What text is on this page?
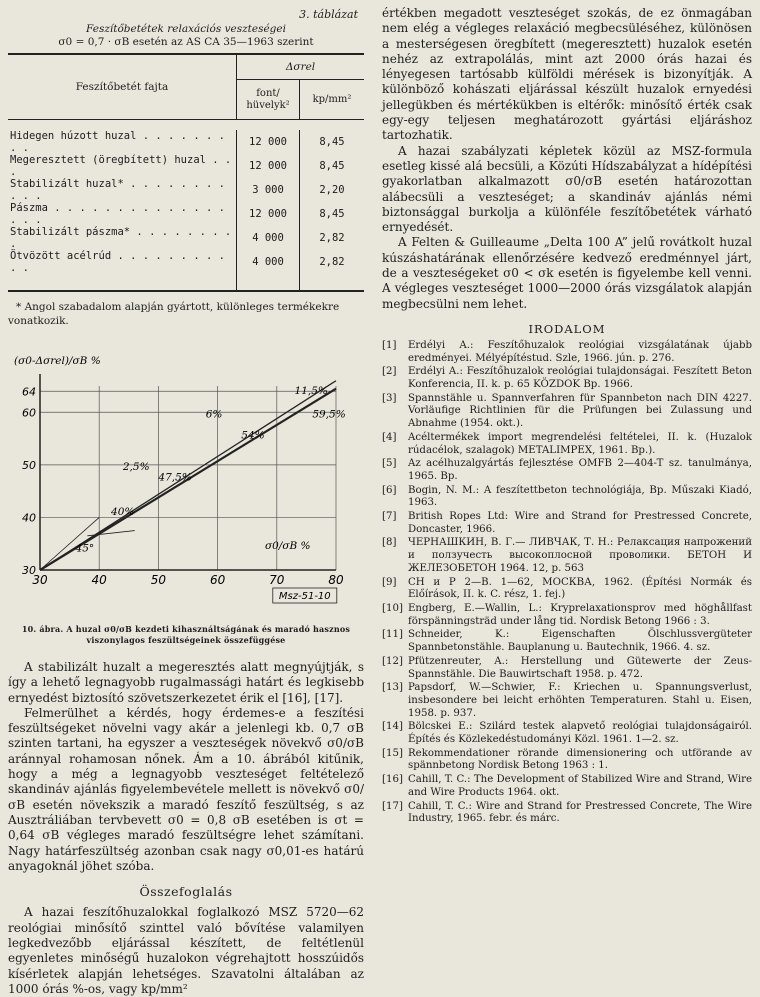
3. táblázat
Feszítőbetétek relaxációs veszteségei
σ0 = 0,7 · σB esetén az AS CA 35—1963 szerint
Feszítőbetét fajta	Δσrel	
	font/ hüvelyk²	kp/mm²

Hidegen húzott huzal . . . . . . . . .	12 000	8,45
Megeresztett (öregbített) huzal . . .	12 000	8,45
Stabilizált huzal* . . . . . . . . . . .	3 000	2,20
Pászma . . . . . . . . . . . . . . . . .	12 000	8,45
Stabilizált pászma* . . . . . . . . .	4 000	2,82
Ötvözött acélrúd . . . . . . . . . . .	4 000	2,82
* Angol szabadalom alapján gyártott, különleges termékekre vonatkozik.
30	40	50	60	70	80
30
40
50
60
64
(σ0-Δσrel)/σB %
σ0/σB %
11,5%
59,5%
6%
54%
2,5%
47,5%
40%
45°
Msz-51-10
10. ábra. A huzal σ0/σB kezdeti kihasználtságának és maradó hasznos viszonylagos feszültségeinek összefüggése

A stabilizált huzalt a megeresztés alatt megnyújtják, s így a lehető legnagyobb rugalmassági határt és legkisebb ernyedést biztosító szövetszerkezetet érik el [16], [17].

Felmerülhet a kérdés, hogy érdemes-e a feszítési feszültségeket növelni vagy akár a jelenlegi kb. 0,7 σB szinten tartani, ha egyszer a veszteségek növekvő σ0/σB aránnyal rohamosan nőnek. Ám a 10. ábrából kitűnik, hogy a még a legnagyobb veszteséget feltételező skandináv ajánlás figyelembevétele mellett is növekvő σ0/σB esetén növekszik a maradó feszítő feszültség, s az Ausztráliában tervbevett σ0 = 0,8 σB esetében is σt = 0,64 σB végleges maradó feszültségre lehet számítani. Nagy határfeszültség azonban csak nagy σ0,01-es határú anyagoknál jöhet szóba.

Összefoglalás

A hazai feszítőhuzalokkal foglalkozó MSZ 5720—62 reológiai minősítő szinttel való bővítése valamilyen legkedvezőbb eljárással készített, de feltétlenül egyenletes minőségű huzalokon végrehajtott hosszúidős kísérletek alapján lehetséges. Szavatolni általában az 1000 órás %-os, vagy kp/mm²

értékben megadott veszteséget szokás, de ez önmagában nem elég a végleges relaxáció megbecsüléséhez, különösen a mesterségesen öregbített (megeresztett) huzalok esetén nehéz az extrapolálás, mint azt 2000 órás hazai és lényegesen tartósabb külföldi mérések is bizonyítják. A különböző kohászati eljárással készült huzalok ernyedési jellegükben és mértékükben is eltérők: minősítő érték csak egy-egy teljesen meghatározott gyártási eljáráshoz tartozhatik.

A hazai szabályzati képletek közül az MSZ-formula esetleg kissé alá becsüli, a Közúti Hídszabályzat a hídépítési gyakorlatban alkalmazott σ0/σB esetén határozottan alábecsüli a veszteséget; a skandináv ajánlás némi biztonsággal burkolja a különféle feszítőbetétek várható ernyedését.

A Felten & Guilleaume „Delta 100 A” jelű rovátkolt huzal kúszáshatárának ellenőrzésére kedvező eredménnyel járt, de a veszteségeket σ0 < σk esetén is figyelembe kell venni. A végleges veszteséget 1000—2000 órás vizsgálatok alapján megbecsülni nem lehet.

IRODALOM
[1]	Erdélyi A.: Feszítőhuzalok reológiai vizsgálatának újabb eredményei. Mélyépítéstud. Szle, 1966. jún. p. 276.
[2]	Erdélyi A.: Feszítőhuzalok reológiai tulajdonságai. Feszített Beton Konferencia, II. k. p. 65 KÖZDOK Bp. 1966.
[3]	Spannstähle u. Spannverfahren für Spannbeton nach DIN 4227. Vorläufige Richtlinien für die Prüfungen bei Zulassung und Abnahme (1954. okt.).
[4]	Acéltermékek import megrendelési feltételei, II. k. (Huzalok rúdacélok, szalagok) METALIMPEX, 1961. Bp.).
[5]	Az acélhuzalgyártás fejlesztése OMFB 2—404-T sz. tanulmánya, 1965. Bp.
[6]	Bogin, N. M.: A feszítettbeton technológiája, Bp. Műszaki Kiadó, 1963.
[7]	British Ropes Ltd: Wire and Strand for Prestressed Concrete, Doncaster, 1966.
[8]	ЧЕРНАШКИН, В. Г.— ЛИВЧАК, Т. Н.: Релаксация напрожений и ползучесть высокоплосной проволики. БЕТОН И ЖЕЛЕЗОБЕТОН 1964. 12, p. 563
[9]	СН и Р 2—В. 1—62, МОСКВА, 1962. (Építési Normák és Előírások, II. k. C. rész, 1. fej.)
[10] Engberg, E.—Wallin, L.: Kryprelaxationsprov med höghållfast förspänningsträd under lång tid. Nordisk Betong 1966 : 3.
[11] Schneider, K.: Eigenschaften Ölschlussvergüteter Spannbetonstähle. Bauplanung u. Bautechnik, 1966. 4. sz.
[12] Pfützenreuter, A.: Herstellung und Gütewerte der Zeus-Spannstähle. Die Bauwirtschaft 1958. p. 472.
[13] Papsdorf, W.—Schwier, F.: Kriechen u. Spannungsverlust, insbesondere bei leicht erhöhten Temperaturen. Stahl u. Eisen, 1958. p. 937.
[14] Bölcskei E.: Szilárd testek alapvető reológiai tulajdonságairól. Építés és Közlekedéstudományi Közl. 1961. 1—2. sz.
[15] Rekommendationer rörande dimensionering och utförande av spännbetong Nordisk Betong 1963 : 1.
[16] Cahill, T. C.: The Development of Stabilized Wire and Strand, Wire and Wire Products 1964. okt.
[17] Cahill, T. C.: Wire and Strand for Prestressed Concrete, The Wire Industry, 1965. febr. és márc.
